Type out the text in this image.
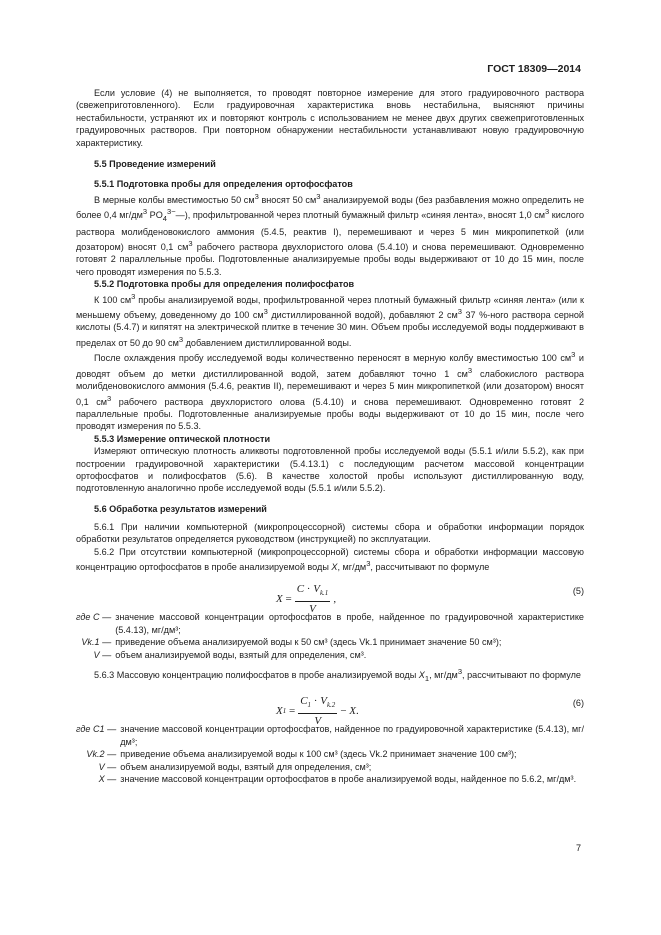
ГОСТ 18309—2014

Если условие (4) не выполняется, то проводят повторное измерение для этого градуировочного раствора (свежеприготовленного). Если градуировочная характеристика вновь нестабильна, выясняют причины нестабильности, устраняют их и повторяют контроль с использованием не менее двух других свежеприготовленных градуировочных растворов. При повторном обнаружении нестабильности устанавливают новую градуировочную характеристику.

5.5 Проведение измерений
5.5.1 Подготовка пробы для определения ортофосфатов

В мерные колбы вместимостью 50 $см^3$ вносят 50 $см^3$ анализируемой воды (без разбавления можно определить не более 0,4 $мг/дм^3$ $PO_4^{3-}—$), профильтрованной через плотный бумажный фильтр «синяя лента», вносят 1,0 $см^3$ кислого раствора молибденовокислого аммония (5.4.5, реактив I), перемешивают и через 5 мин микропипеткой (или дозатором) вносят 0,1 $см^3$ рабочего раствора двухлористого олова (5.4.10) и снова перемешивают. Одновременно готовят 2 параллельные пробы. Подготовленные анализируемые пробы воды выдерживают от 10 до 15 мин, после чего проводят измерения по 5.5.3.

5.5.2 Подготовка пробы для определения полифосфатов

К 100 $см^3$ пробы анализируемой воды, профильтрованной через плотный бумажный фильтр «синяя лента» (или к меньшему объему, доведенному до 100 $см^3$ дистиллированной водой), добавляют 2 $см^3$ 37 %-ного раствора серной кислоты (5.4.7) и кипятят на электрической плитке в течение 30 мин. Объем пробы исследуемой воды поддерживают в пределах от 50 до 90 $см^3$ добавлением дистиллированной воды.

После охлаждения пробу исследуемой воды количественно переносят в мерную колбу вместимостью 100 $см^3$ и доводят объем до метки дистиллированной водой, затем добавляют точно 1 $см^3$ слабокислого раствора молибденовокислого аммония (5.4.6, реактив II), перемешивают и через 5 мин микропипеткой (или дозатором) вносят 0,1 $см^3$ рабочего раствора двухлористого олова (5.4.10) и снова перемешивают. Одновременно готовят 2 параллельные пробы. Подготовленные анализируемые пробы воды выдерживают от 10 до 15 мин, после чего проводят измерения по 5.5.3.

5.5.3 Измерение оптической плотности

Измеряют оптическую плотность аликвоты подготовленной пробы исследуемой воды (5.5.1 и/или 5.5.2), как при построении градуировочной характеристики (5.4.13.1) с последующим расчетом массовой концентрации ортофосфатов и полифосфатов (5.6). В качестве холостой пробы используют дистиллированную воду, подготовленную аналогично пробе исследуемой воды (5.5.1 и/или 5.5.2).

5.6 Обработка результатов измерений

5.6.1 При наличии компьютерной (микропроцессорной) системы сбора и обработки информации порядок обработки результатов определяется руководством (инструкцией) по эксплуатации.

5.6.2 При отсутствии компьютерной (микропроцессорной) системы сбора и обработки информации массовую концентрацию ортофосфатов в пробе анализируемой воды X, $мг/дм^3$, рассчитывают по формуле

X
= $\frac{C \cdot V_{k.1}}{V}$ ,
(5)
где C — значение массовой концентрации ортофосфатов в пробе, найденное по градуировочной характеристике (5.4.13), мг/дм³;
Vk.1 — приведение объема анализируемой воды к 50 см³ (здесь Vk.1 принимает значение 50 см³);
V — объем анализируемой воды, взятый для определения, см³.

5.6.3 Массовую концентрацию полифосфатов в пробе анализируемой воды $X_1$, $мг/дм^3$, рассчитывают по формуле

X 1
= $\frac{C_1 \cdot V_{k.2}}{V}$ −
X .
(6)
где C1 — значение массовой концентрации ортофосфатов, найденное по градуировочной характеристике (5.4.13), мг/дм³;
Vk.2 — приведение объема анализируемой воды к 100 см³ (здесь Vk.2 принимает значение 100 см³);
V — объем анализируемой воды, взятый для определения, см³;
X — значение массовой концентрации ортофосфатов в пробе анализируемой воды, найденное по 5.6.2, мг/дм³.
7
